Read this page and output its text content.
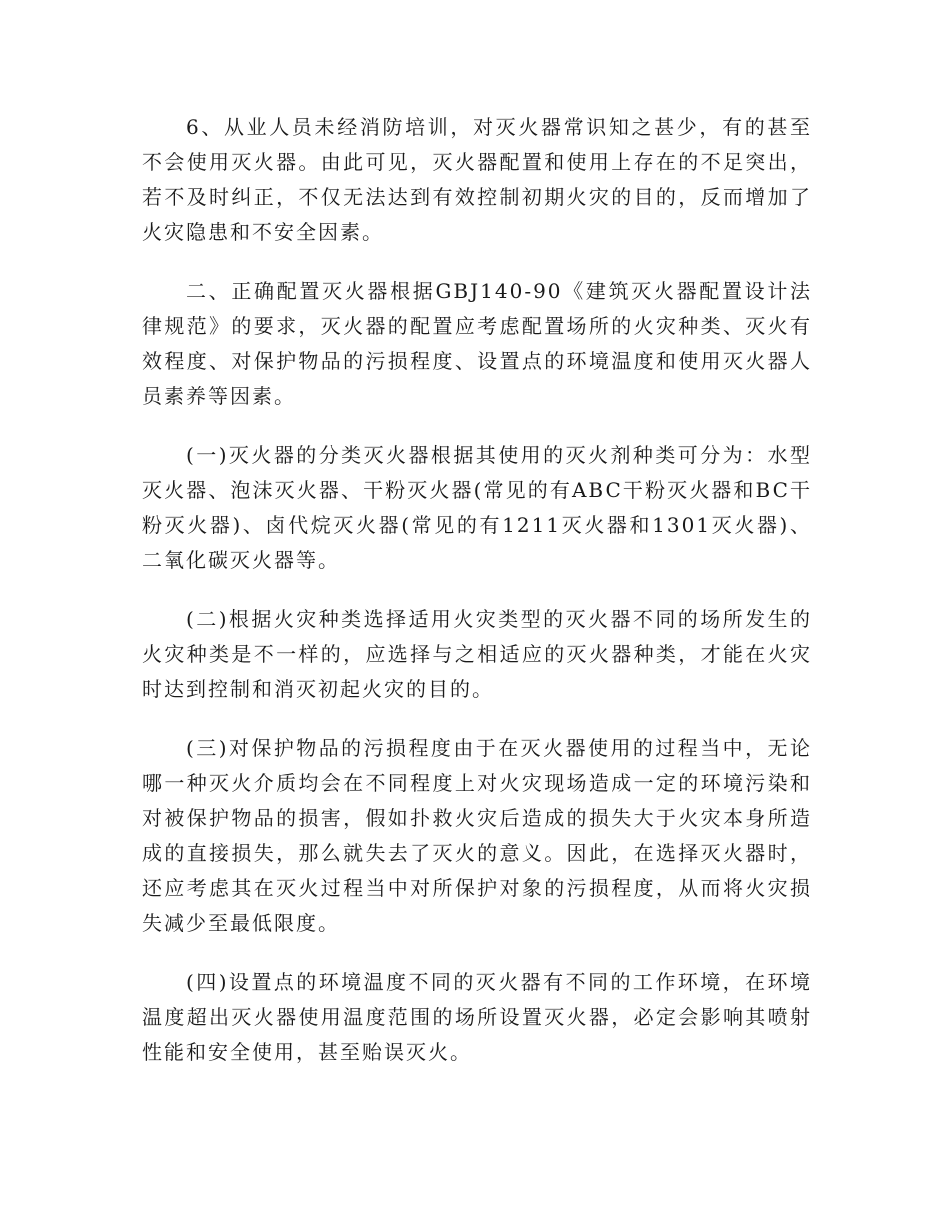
6、从业人员未经消防培训，对灭火器常识知之甚少，有的甚至不会使用灭火器。由此可见，灭火器配置和使用上存在的不足突出，若不及时纠正，不仅无法达到有效控制初期火灾的目的，反而增加了火灾隐患和不安全因素。

二、正确配置灭火器根据GBJ140-90《建筑灭火器配置设计法律规范》的要求，灭火器的配置应考虑配置场所的火灾种类、灭火有效程度、对保护物品的污损程度、设置点的环境温度和使用灭火器人员素养等因素。

(一)灭火器的分类灭火器根据其使用的灭火剂种类可分为：水型灭火器、泡沫灭火器、干粉灭火器(常见的有ABC干粉灭火器和BC干粉灭火器)、卤代烷灭火器(常见的有1211灭火器和1301灭火器)、二氧化碳灭火器等。

(二)根据火灾种类选择适用火灾类型的灭火器不同的场所发生的火灾种类是不一样的，应选择与之相适应的灭火器种类，才能在火灾时达到控制和消灭初起火灾的目的。

(三)对保护物品的污损程度由于在灭火器使用的过程当中，无论哪一种灭火介质均会在不同程度上对火灾现场造成一定的环境污染和对被保护物品的损害，假如扑救火灾后造成的损失大于火灾本身所造成的直接损失，那么就失去了灭火的意义。因此，在选择灭火器时，还应考虑其在灭火过程当中对所保护对象的污损程度，从而将火灾损失减少至最低限度。

(四)设置点的环境温度不同的灭火器有不同的工作环境，在环境温度超出灭火器使用温度范围的场所设置灭火器，必定会影响其喷射性能和安全使用，甚至贻误灭火。
